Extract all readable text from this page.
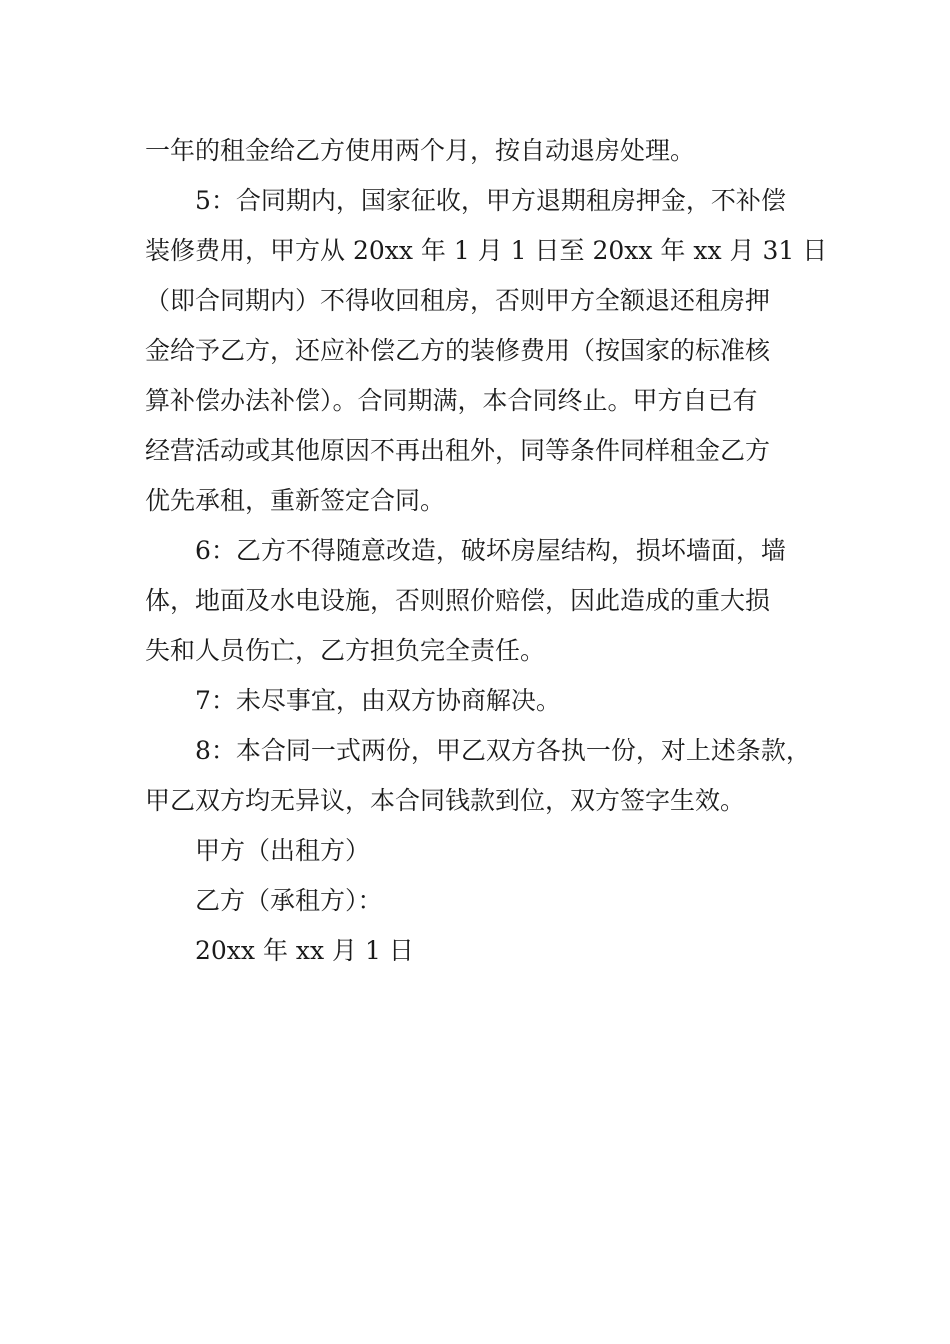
一年的租金给乙方使用两个月，按自动退房处理。
5：合同期内，国家征收，甲方退期租房押金，不补偿
装修费用，甲方从 20xx 年 1 月 1 日至 20xx 年 xx 月 31 日
（即合同期内）不得收回租房，否则甲方全额退还租房押
金给予乙方，还应补偿乙方的装修费用（按国家的标准核
算补偿办法补偿）。合同期满，本合同终止。甲方自已有
经营活动或其他原因不再出租外，同等条件同样租金乙方
优先承租，重新签定合同。
6：乙方不得随意改造，破坏房屋结构，损坏墙面，墙
体，地面及水电设施，否则照价赔偿，因此造成的重大损
失和人员伤亡，乙方担负完全责任。
7：未尽事宜，由双方协商解决。
8：本合同一式两份，甲乙双方各执一份，对上述条款，
甲乙双方均无异议，本合同钱款到位，双方签字生效。
甲方（出租方）
乙方（承租方）：
20xx 年 xx 月 1 日
